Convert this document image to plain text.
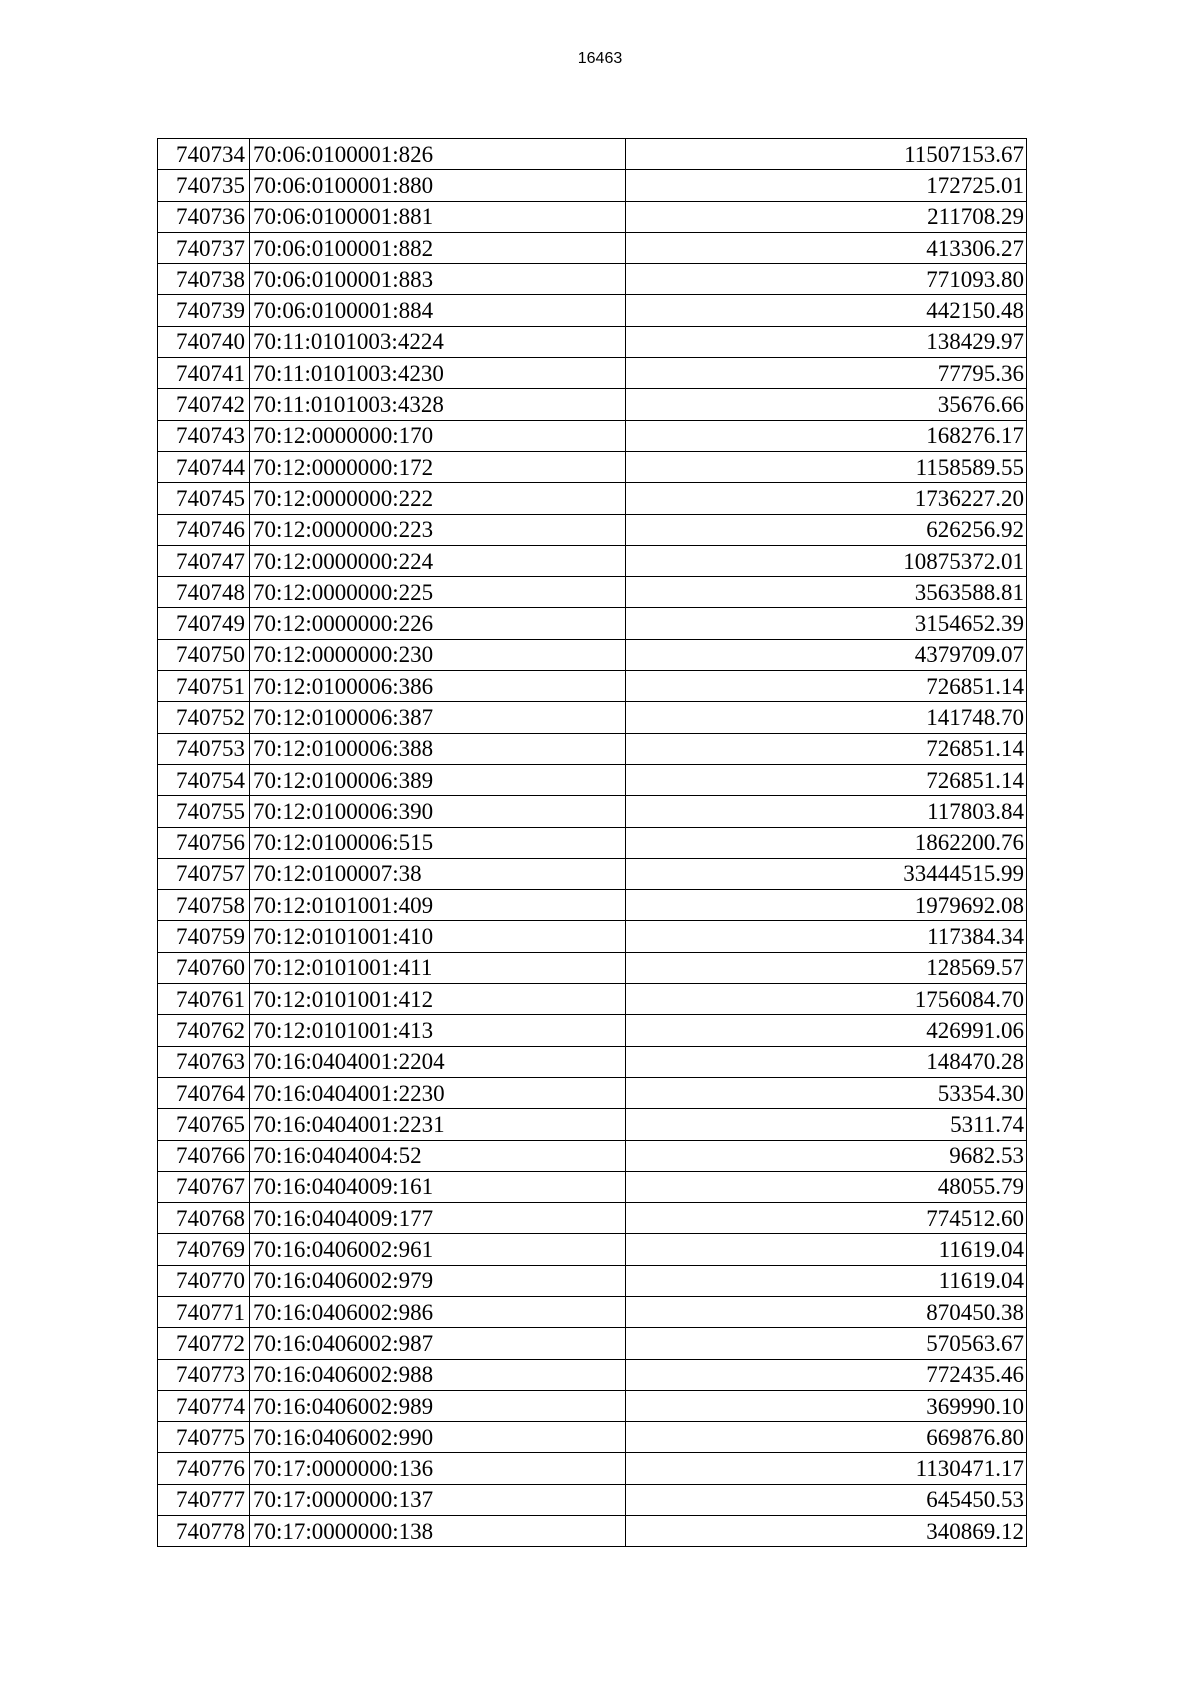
16463
740734	70:06:0100001:826	11507153.67
740735	70:06:0100001:880	172725.01
740736	70:06:0100001:881	211708.29
740737	70:06:0100001:882	413306.27
740738	70:06:0100001:883	771093.80
740739	70:06:0100001:884	442150.48
740740	70:11:0101003:4224	138429.97
740741	70:11:0101003:4230	77795.36
740742	70:11:0101003:4328	35676.66
740743	70:12:0000000:170	168276.17
740744	70:12:0000000:172	1158589.55
740745	70:12:0000000:222	1736227.20
740746	70:12:0000000:223	626256.92
740747	70:12:0000000:224	10875372.01
740748	70:12:0000000:225	3563588.81
740749	70:12:0000000:226	3154652.39
740750	70:12:0000000:230	4379709.07
740751	70:12:0100006:386	726851.14
740752	70:12:0100006:387	141748.70
740753	70:12:0100006:388	726851.14
740754	70:12:0100006:389	726851.14
740755	70:12:0100006:390	117803.84
740756	70:12:0100006:515	1862200.76
740757	70:12:0100007:38	33444515.99
740758	70:12:0101001:409	1979692.08
740759	70:12:0101001:410	117384.34
740760	70:12:0101001:411	128569.57
740761	70:12:0101001:412	1756084.70
740762	70:12:0101001:413	426991.06
740763	70:16:0404001:2204	148470.28
740764	70:16:0404001:2230	53354.30
740765	70:16:0404001:2231	5311.74
740766	70:16:0404004:52	9682.53
740767	70:16:0404009:161	48055.79
740768	70:16:0404009:177	774512.60
740769	70:16:0406002:961	11619.04
740770	70:16:0406002:979	11619.04
740771	70:16:0406002:986	870450.38
740772	70:16:0406002:987	570563.67
740773	70:16:0406002:988	772435.46
740774	70:16:0406002:989	369990.10
740775	70:16:0406002:990	669876.80
740776	70:17:0000000:136	1130471.17
740777	70:17:0000000:137	645450.53
740778	70:17:0000000:138	340869.12
